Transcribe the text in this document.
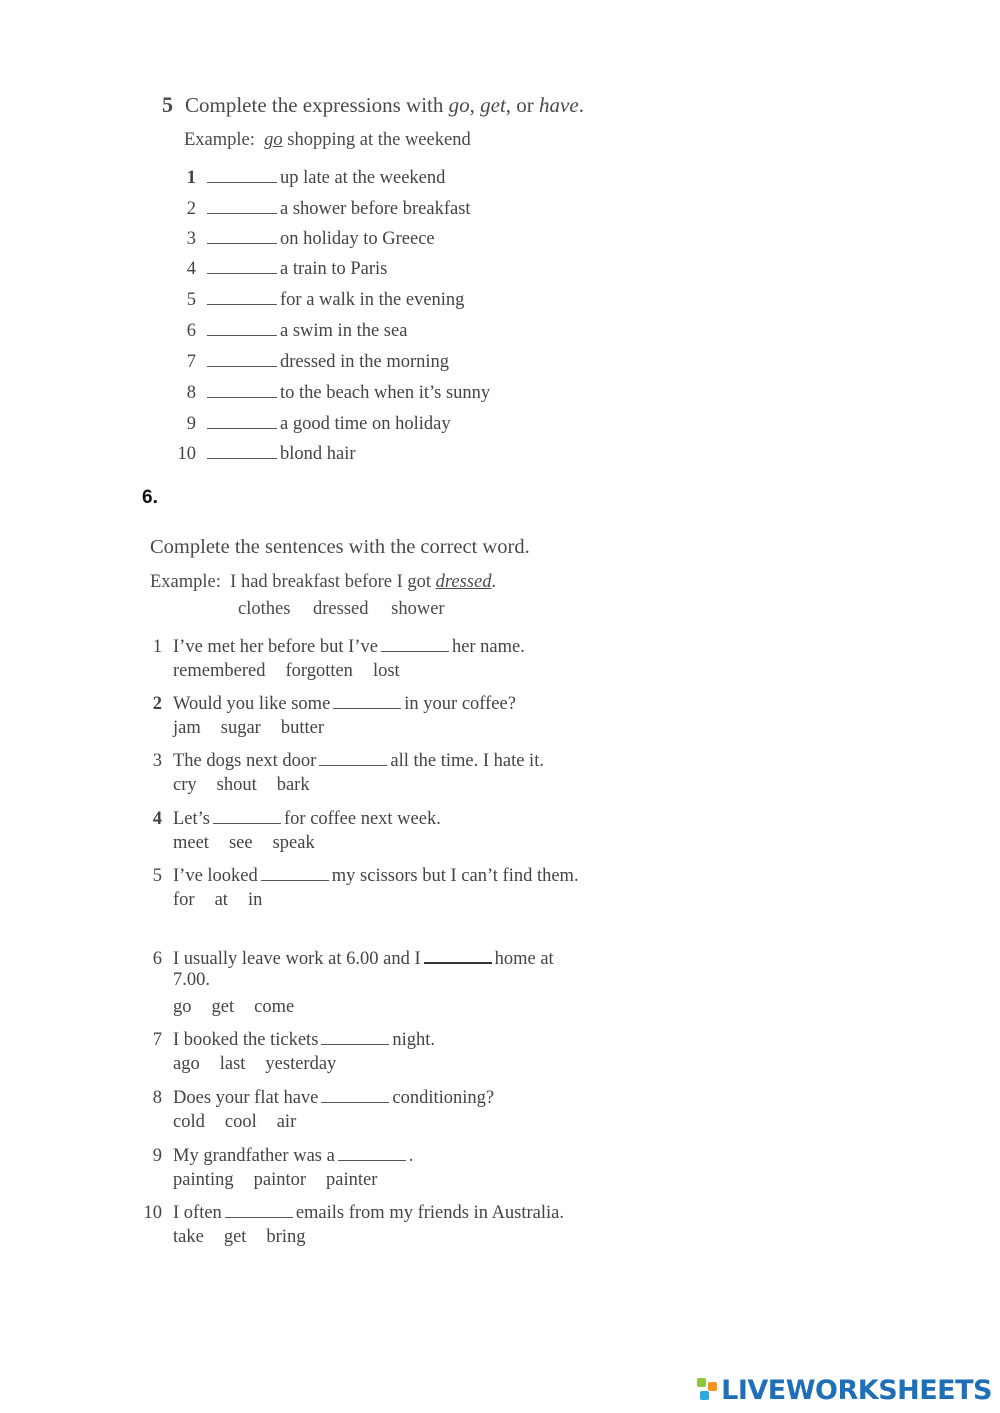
5 Complete the expressions with go, get, or have.
Example: go shopping at the weekend
1	up late at the weekend
2	a shower before breakfast
3	on holiday to Greece
4	a train to Paris
5	for a walk in the evening
6	a swim in the sea
7	dressed in the morning
8	to the beach when it’s sunny
9	a good time on holiday
10	blond hair
6.
Complete the sentences with the correct word.
Example: I had breakfast before I got dressed.
clothes dressed shower
1 I’ve met her before but I’ve	her name.
remembered forgotten lost
2 Would you like some	in your coffee?
jam sugar butter
3 The dogs next door	all the time. I hate it.
cry shout bark
4 Let’s	for coffee next week.
meet see speak
5 I’ve looked	my scissors but I can’t find them.
for at in
6 I usually leave work at 6.00 and I	home at
7.00.
go get come
7 I booked the tickets	night.
ago last yesterday
8 Does your flat have	conditioning?
cold cool air
9 My grandfather was a	.
painting paintor painter
10 I often	emails from my friends in Australia.
take get bring
LIVEWORKSHEETS
